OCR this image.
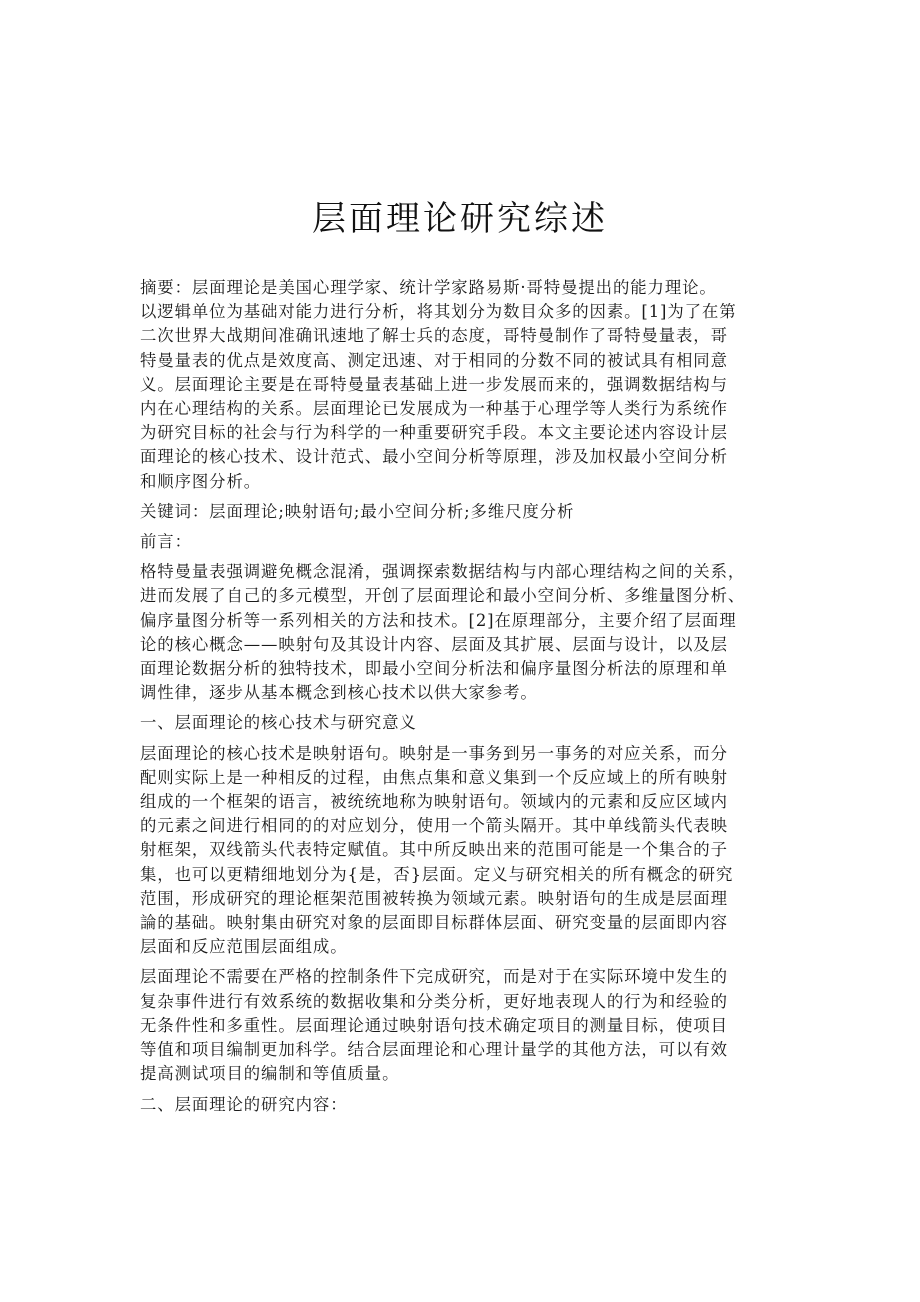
层面理论研究综述

摘要：层面理论是美国心理学家、统计学家路易斯·哥特曼提出的能力理论。
以逻辑单位为基础对能力进行分析，将其划分为数目众多的因素。[1]为了在第
二次世界大战期间准确讯速地了解士兵的态度，哥特曼制作了哥特曼量表，哥
特曼量表的优点是效度高、测定迅速、对于相同的分数不同的被试具有相同意
义。层面理论主要是在哥特曼量表基础上进一步发展而来的，强调数据结构与
内在心理结构的关系。层面理论已发展成为一种基于心理学等人类行为系统作
为研究目标的社会与行为科学的一种重要研究手段。本文主要论述内容设计层
面理论的核心技术、设计范式、最小空间分析等原理，涉及加权最小空间分析
和顺序图分析。

关键词：层面理论;映射语句;最小空间分析;多维尺度分析

前言：

格特曼量表强调避免概念混淆，强调探索数据结构与内部心理结构之间的关系，
进而发展了自己的多元模型，开创了层面理论和最小空间分析、多维量图分析、
偏序量图分析等一系列相关的方法和技术。[2]在原理部分，主要介绍了层面理
论的核心概念——映射句及其设计内容、层面及其扩展、层面与设计，以及层
面理论数据分析的独特技术，即最小空间分析法和偏序量图分析法的原理和单
调性律，逐步从基本概念到核心技术以供大家参考。

一、层面理论的核心技术与研究意义

层面理论的核心技术是映射语句。映射是一事务到另一事务的对应关系，而分
配则实际上是一种相反的过程，由焦点集和意义集到一个反应域上的所有映射
组成的一个框架的语言，被统统地称为映射语句。领域内的元素和反应区域内
的元素之间进行相同的的对应划分，使用一个箭头隔开。其中单线箭头代表映
射框架，双线箭头代表特定赋值。其中所反映出来的范围可能是一个集合的子
集，也可以更精细地划分为{是，否}层面。定义与研究相关的所有概念的研究
范围，形成研究的理论框架范围被转换为领域元素。映射语句的生成是层面理
論的基础。映射集由研究对象的层面即目标群体层面、研究变量的层面即内容
层面和反应范围层面组成。

层面理论不需要在严格的控制条件下完成研究，而是对于在实际环境中发生的
复杂事件进行有效系统的数据收集和分类分析，更好地表现人的行为和经验的
无条件性和多重性。层面理论通过映射语句技术确定项目的测量目标，使项目
等值和项目编制更加科学。结合层面理论和心理计量学的其他方法，可以有效
提高测试项目的编制和等值质量。

二、层面理论的研究内容：
